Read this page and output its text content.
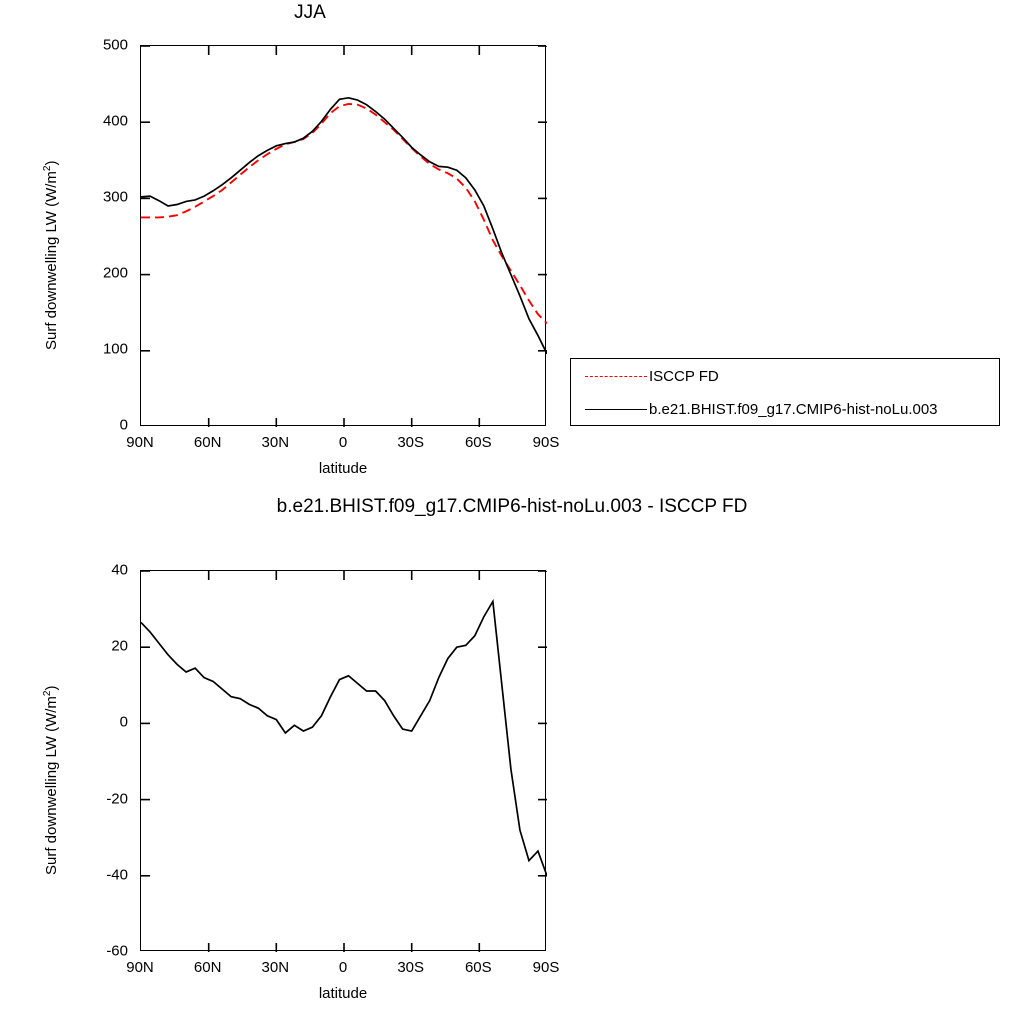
JJA
Surf downwelling LW $(W/m^2)$
500
400
300
200
100
0
90N	60N	30N	0	30S	60S	90S
latitude
ISCCP FD
b.e21.BHIST.f09_g17.CMIP6-hist-noLu.003
b.e21.BHIST.f09_g17.CMIP6-hist-noLu.003 - ISCCP FD
Surf downwelling LW $(W/m^2)$
40
20
0
-20
-40
-60
90N	60N	30N	0	30S	60S	90S
latitude
